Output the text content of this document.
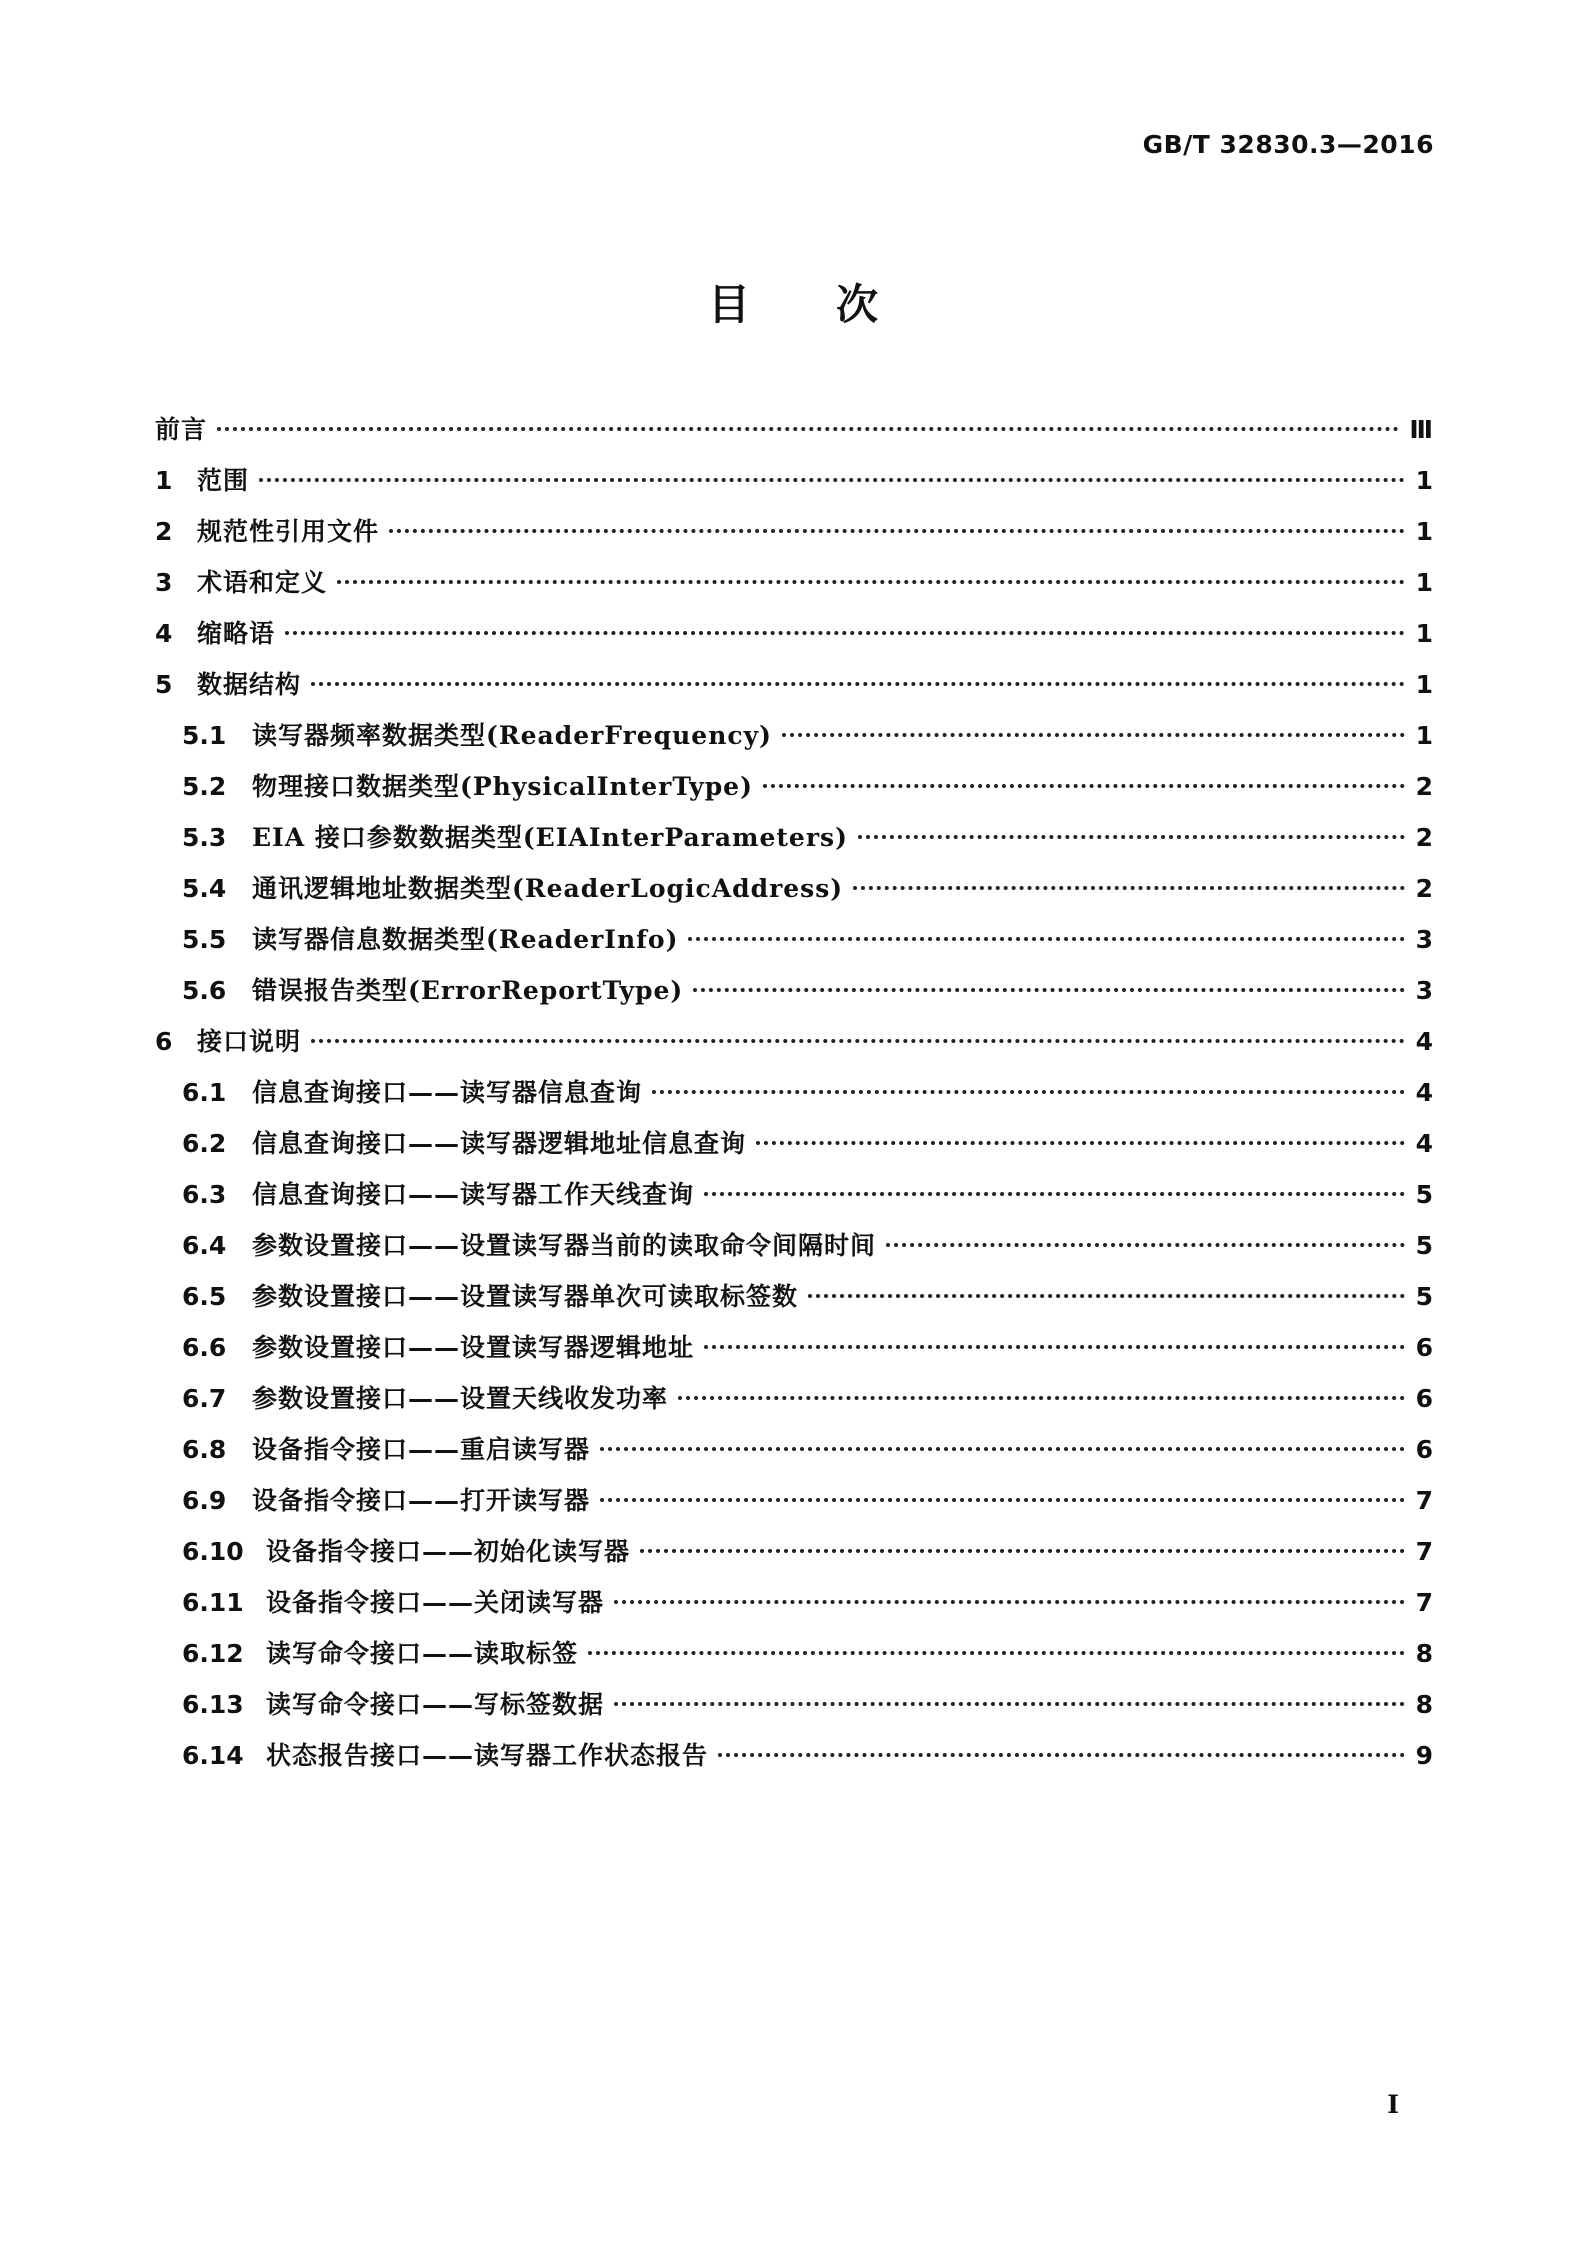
GB/T 32830.3—2016
目次
前言	Ⅲ
1 范围	1
2 规范性引用文件	1
3 术语和定义	1
4 缩略语	1
5 数据结构	1
5.1	读写器频率数据类型(ReaderFrequency)	1
5.2	物理接口数据类型(PhysicalInterType)	2
5.3	EIA 接口参数数据类型(EIAInterParameters)	2
5.4	通讯逻辑地址数据类型(ReaderLogicAddress)	2
5.5	读写器信息数据类型(ReaderInfo)	3
5.6	错误报告类型(ErrorReportType)	3
6 接口说明	4
6.1	信息查询接口——读写器信息查询	4
6.2	信息查询接口——读写器逻辑地址信息查询	4
6.3	信息查询接口——读写器工作天线查询	5
6.4	参数设置接口——设置读写器当前的读取命令间隔时间	5
6.5	参数设置接口——设置读写器单次可读取标签数	5
6.6	参数设置接口——设置读写器逻辑地址	6
6.7	参数设置接口——设置天线收发功率	6
6.8	设备指令接口——重启读写器	6
6.9	设备指令接口——打开读写器	7
6.10 设备指令接口——初始化读写器	7
6.11 设备指令接口——关闭读写器	7
6.12 读写命令接口——读取标签	8
6.13 读写命令接口——写标签数据	8
6.14 状态报告接口——读写器工作状态报告	9
I
